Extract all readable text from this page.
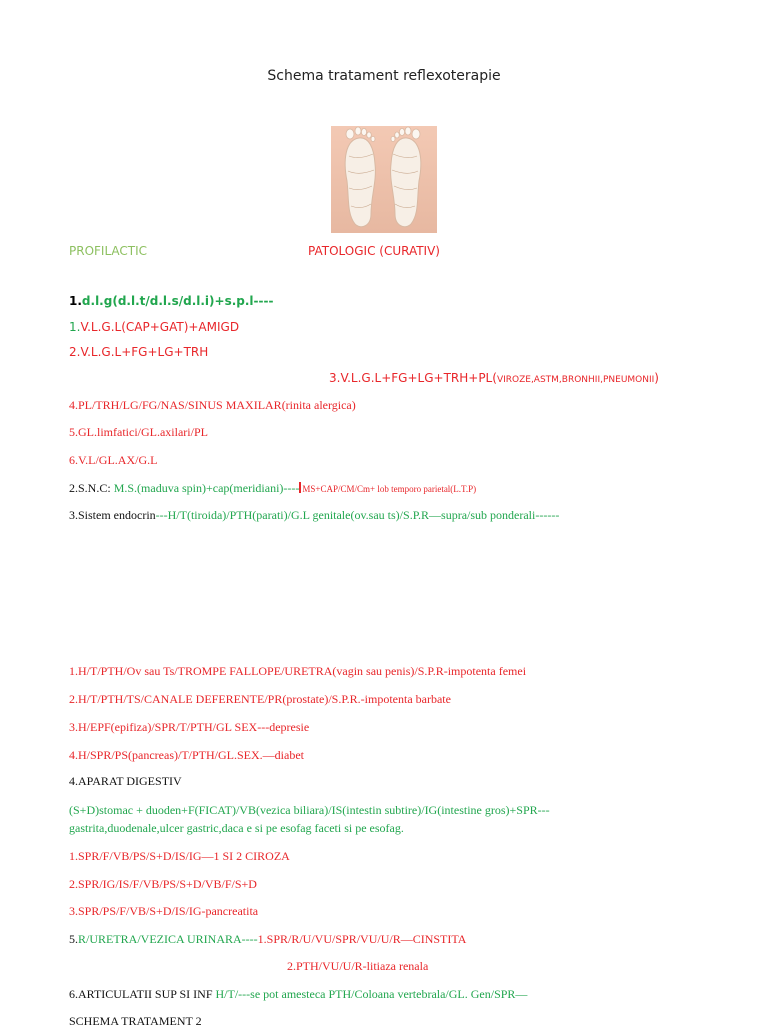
Schema tratament reflexoterapie
PROFILACTIC	PATOLOGIC (CURATIV)
1.d.l.g(d.l.t/d.l.s/d.l.i)+s.p.l----
1.V.L.G.L(CAP+GAT)+AMIGD
2.V.L.G.L+FG+LG+TRH
3.V.L.G.L+FG+LG+TRH+PL(VIROZE,ASTM,BRONHII,PNEUMONII)
4.PL/TRH/LG/FG/NAS/SINUS MAXILAR(rinita alergica)
5.GL.limfatici/GL.axilari/PL
6.V.L/GL.AX/G.L
2.S.N.C: M.S.(maduva spin)+cap(meridiani)---- MS+CAP/CM/Cm+ lob temporo parietal(L.T.P)
3.Sistem endocrin---H/T(tiroida)/PTH(parati)/G.L genitale(ov.sau ts)/S.P.R—supra/sub ponderali------
1.H/T/PTH/Ov sau Ts/TROMPE FALLOPE/URETRA(vagin sau penis)/S.P.R-impotenta femei
2.H/T/PTH/TS/CANALE DEFERENTE/PR(prostate)/S.P.R.-impotenta barbate
3.H/EPF(epifiza)/SPR/T/PTH/GL SEX---depresie
4.H/SPR/PS(pancreas)/T/PTH/GL.SEX.—diabet
4.APARAT DIGESTIV
(S+D)stomac + duoden+F(FICAT)/VB(vezica biliara)/IS(intestin subtire)/IG(intestine gros)+SPR---
gastrita,duodenale,ulcer gastric,daca e si pe esofag faceti si pe esofag.
1.SPR/F/VB/PS/S+D/IS/IG—1 SI 2 CIROZA
2.SPR/IG/IS/F/VB/PS/S+D/VB/F/S+D
3.SPR/PS/F/VB/S+D/IS/IG-pancreatita
5.R/URETRA/VEZICA URINARA----1.SPR/R/U/VU/SPR/VU/U/R—CINSTITA
2.PTH/VU/U/R-litiaza renala
6.ARTICULATII SUP SI INF H/T/---se pot amesteca PTH/Coloana vertebrala/GL. Gen/SPR—
SCHEMA TRATAMENT 2
